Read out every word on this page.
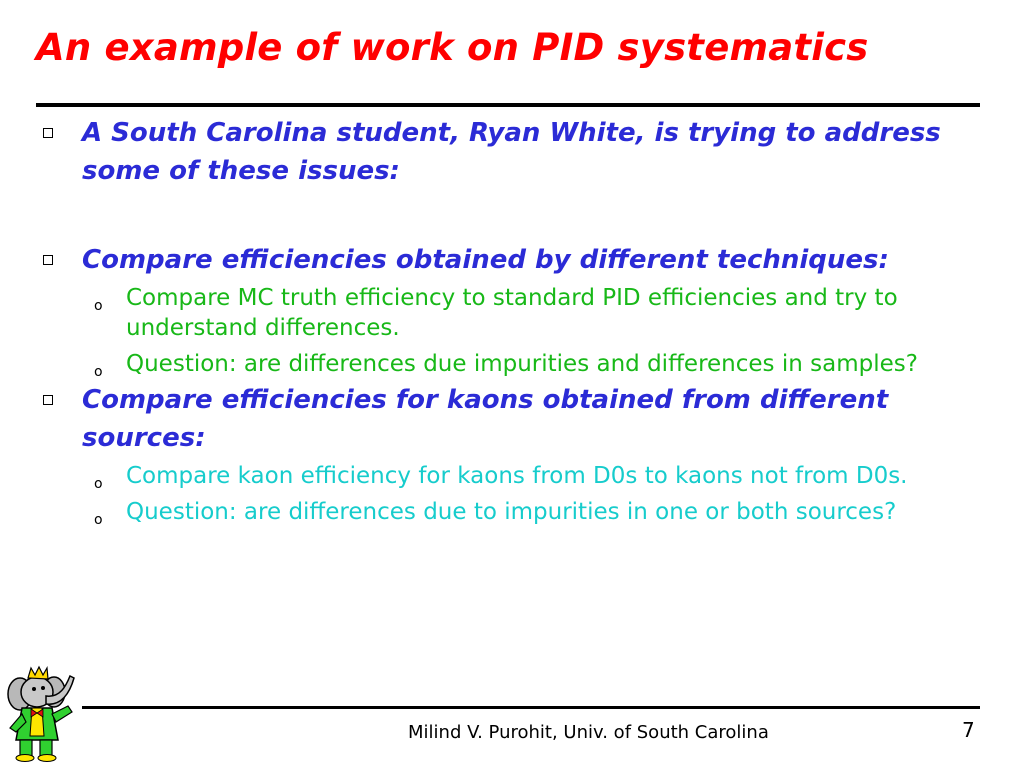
An example of work on PID systematics
A South Carolina student, Ryan White, is trying to address some of these issues:
Compare efficiencies obtained by different techniques:
o Compare MC truth efficiency to standard PID efficiencies and try to understand differences.
o Question: are differences due impurities and differences in samples?
Compare efficiencies for kaons obtained from different sources:
o Compare kaon efficiency for kaons from D0s to kaons not from D0s.
o Question: are differences due to impurities in one or both sources?
Milind V. Purohit, Univ. of South Carolina	7
